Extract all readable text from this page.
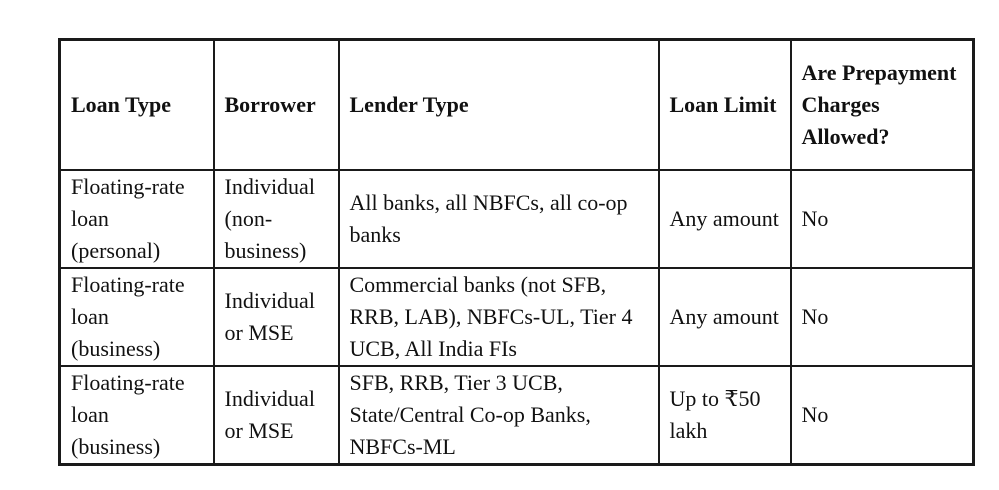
Loan Type	Borrower	Lender Type	Loan Limit	Are Prepayment Charges Allowed?
Floating-rate loan (personal)	Individual (non-business)	All banks, all NBFCs, all co-op banks	Any amount	No
Floating-rate loan (business)	Individual or MSE	Commercial banks (not SFB, RRB, LAB), NBFCs-UL, Tier 4 UCB, All India FIs	Any amount	No
Floating-rate loan (business)	Individual or MSE	SFB, RRB, Tier 3 UCB, State/Central Co-op Banks, NBFCs-ML	Up to ₹50 lakh	No
